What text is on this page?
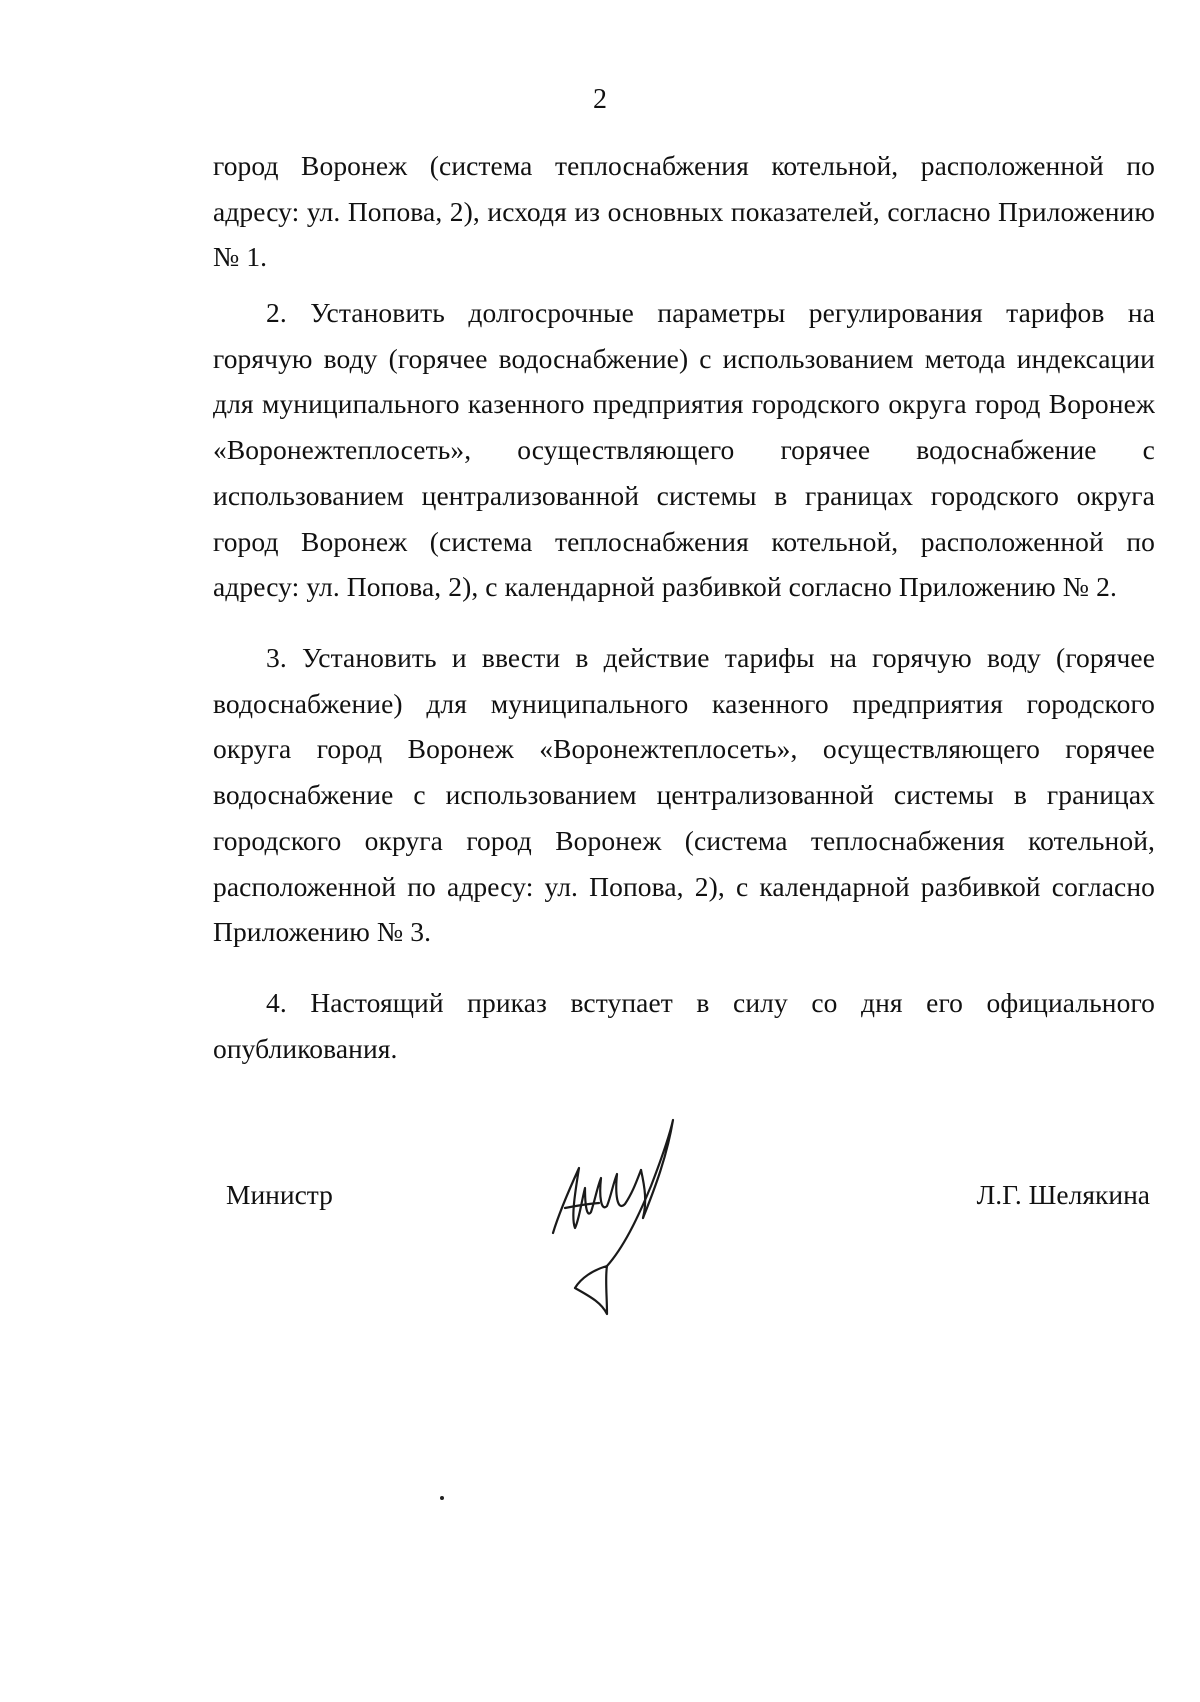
2

город Воронеж (система теплоснабжения котельной, расположенной по адресу: ул. Попова, 2), исходя из основных показателей, согласно Приложению № 1.

2. Установить долгосрочные параметры регулирования тарифов на горячую воду (горячее водоснабжение) с использованием метода индексации для муниципального казенного предприятия городского округа город Воронеж «Воронежтеплосеть», осуществляющего горячее водоснабжение с использованием централизованной системы в границах городского округа город Воронеж (система теплоснабжения котельной, расположенной по адресу: ул. Попова, 2), с календарной разбивкой согласно Приложению № 2.

3. Установить и ввести в действие тарифы на горячую воду (горячее водоснабжение) для муниципального казенного предприятия городского округа город Воронеж «Воронежтеплосеть», осуществляющего горячее водоснабжение с использованием централизованной системы в границах городского округа город Воронеж (система теплоснабжения котельной, расположенной по адресу: ул. Попова, 2), с календарной разбивкой согласно Приложению № 3.

4. Настоящий приказ вступает в силу со дня его официального опубликования.

Министр	Л.Г. Шелякина
